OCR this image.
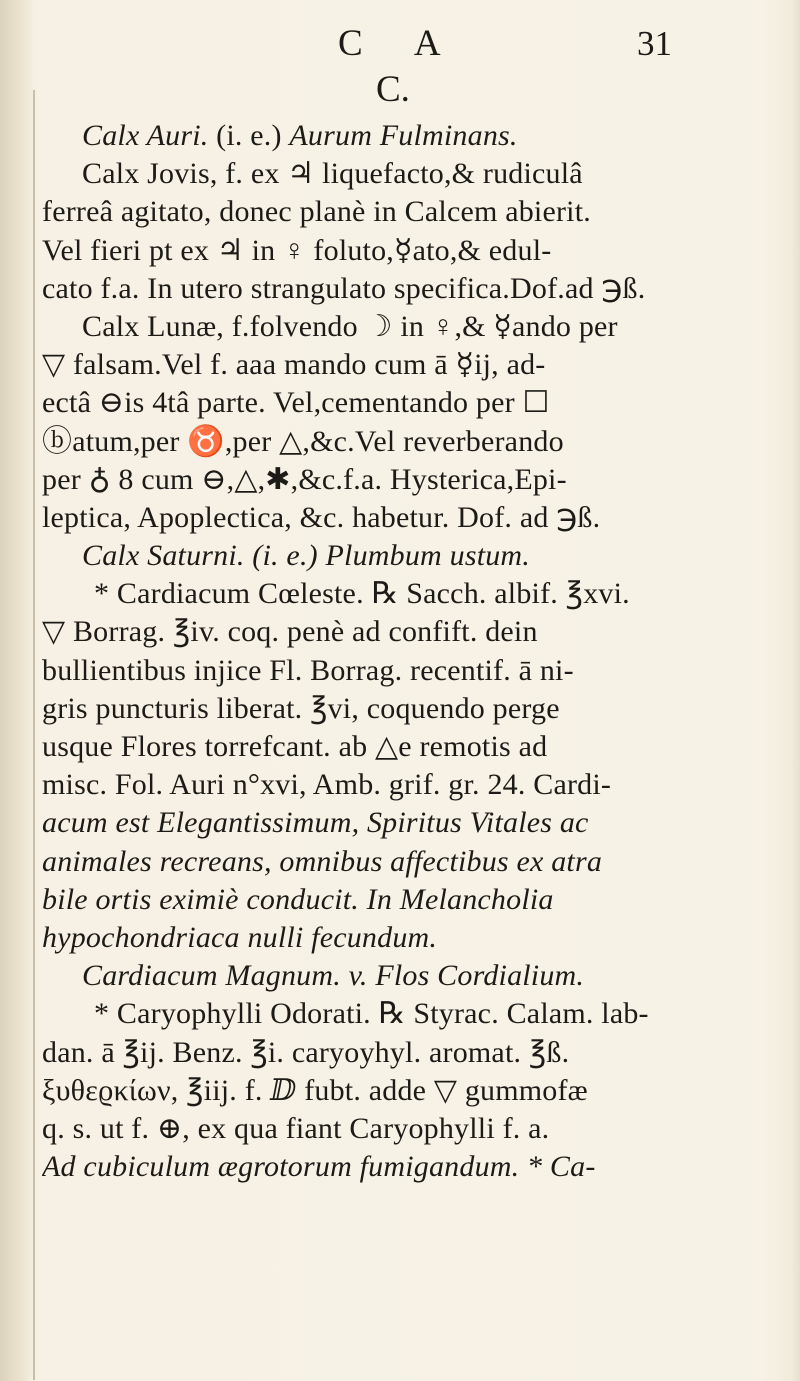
C A	31
C.
Calx Auri. (i. e.) Aurum Fulminans.
Calx Jovis, f. ex ♃ liquefacto,& rudiculâ
ferreâ agitato, donec planè in Calcem abierit.
Vel fieri pt ex ♃ in ♀ foluto,☿ato,& edul-
cato f.a. In utero strangulato specifica.Dof.ad ℈ß.
Calx Lunæ, f.folvendo ☽ in ♀,& ☿ando per
▽ falsam.Vel f. aaa mando cum ā ☿ij, ad-
ectâ ⊖is 4tâ parte. Vel,cementando per ☐
ⓑatum,per ♉,per △,&c.Vel reverberando
per ♁ 8 cum ⊖,△,✱,&c.f.a. Hysterica,Epi-
leptica, Apoplectica, &c. habetur. Dof. ad ℈ß.
Calx Saturni. (i. e.) Plumbum ustum.
* Cardiacum Cœleste. ℞ Sacch. albif. ℥xvi.
▽ Borrag. ℥iv. coq. penè ad confift. dein
bullientibus injice Fl. Borrag. recentif. ā ni-
gris puncturis liberat. ℥vi, coquendo perge
usque Flores torrefcant. ab △e remotis ad
misc. Fol. Auri n°xvi, Amb. grif. gr. 24. Cardi-
acum est Elegantissimum, Spiritus Vitales ac
animales recreans, omnibus affectibus ex atra
bile ortis eximiè conducit. In Melancholia
hypochondriaca nulli fecundum.
Cardiacum Magnum. v. Flos Cordialium.
* Caryophylli Odorati. ℞ Styrac. Calam. lab-
dan. ā ℥ij. Benz. ℥i. caryoyhyl. aromat. ℥ß.
ξυθεϱκίων, ℥iij. f. ⅅ fubt. adde ▽ gummofæ
q. s. ut f. ⊕, ex qua fiant Caryophylli f. a.
Ad cubiculum ægrotorum fumigandum. * Ca-
